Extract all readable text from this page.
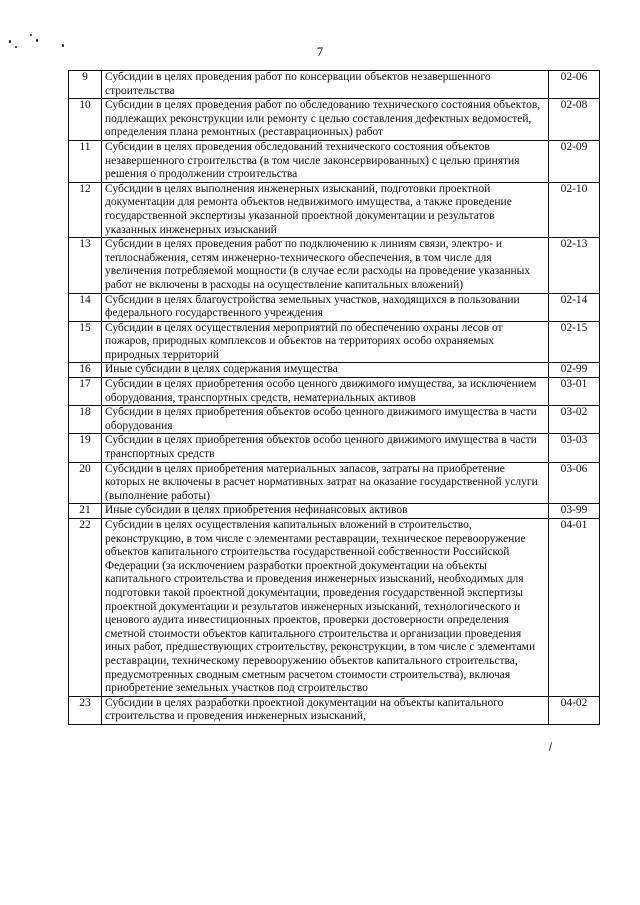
7
9	Субсидии в целях проведения работ по консервации объектов незавершенного строительства	02-06
10	Субсидии в целях проведения работ по обследованию технического состояния объектов, подлежащих реконструкции или ремонту с целью составления дефектных ведомостей, определения плана ремонтных (реставрационных) работ	02-08
11	Субсидии в целях проведения обследований технического состояния объектов незавершенного строительства (в том числе законсервированных) с целью принятия решения о продолжении строительства	02-09
12	Субсидии в целях выполнения инженерных изысканий, подготовки проектной документации для ремонта объектов недвижимого имущества, а также проведение государственной экспертизы указанной проектной документации и результатов указанных инженерных изысканий	02-10
13	Субсидии в целях проведения работ по подключению к линиям связи, электро- и теплоснабжения, сетям инженерно-технического обеспечения, в том числе для увеличения потребляемой мощности (в случае если расходы на проведение указанных работ не включены в расходы на осуществление капитальных вложений)	02-13
14	Субсидии в целях благоустройства земельных участков, находящихся в пользовании федерального государственного учреждения	02-14
15	Субсидии в целях осуществления мероприятий по обеспечению охраны лесов от пожаров, природных комплексов и объектов на территориях особо охраняемых природных территорий	02-15
16	Иные субсидии в целях содержания имущества	02-99
17	Субсидии в целях приобретения особо ценного движимого имущества, за исключением оборудования, транспортных средств, нематериальных активов	03-01
18	Субсидии в целях приобретения объектов особо ценного движимого имущества в части оборудования	03-02
19	Субсидии в целях приобретения объектов особо ценного движимого имущества в части транспортных средств	03-03
20	Субсидии в целях приобретения материальных запасов, затраты на приобретение которых не включены в расчет нормативных затрат на оказание государственной услуги (выполнение работы)	03-06
21	Иные субсидии в целях приобретения нефинансовых активов	03-99
22	Субсидии в целях осуществления капитальных вложений в строительство, реконструкцию, в том числе с элементами реставрации, техническое перевооружение объектов капитального строительства государственной собственности Российской Федерации (за исключением разработки проектной документации на объекты капитального строительства и проведения инженерных изысканий, необходимых для подготовки такой проектной документации, проведения государственной экспертизы проектной документации и результатов инженерных изысканий, технологического и ценового аудита инвестиционных проектов, проверки достоверности определения сметной стоимости объектов капитального строительства и организации проведения иных работ, предшествующих строительству, реконструкции, в том числе с элементами реставрации, техническому перевооружению объектов капитального строительства, предусмотренных сводным сметным расчетом стоимости строительства), включая приобретение земельных участков под строительство	04-01
23	Субсидии в целях разработки проектной документации на объекты капитального строительства и проведения инженерных изысканий,	04-02
